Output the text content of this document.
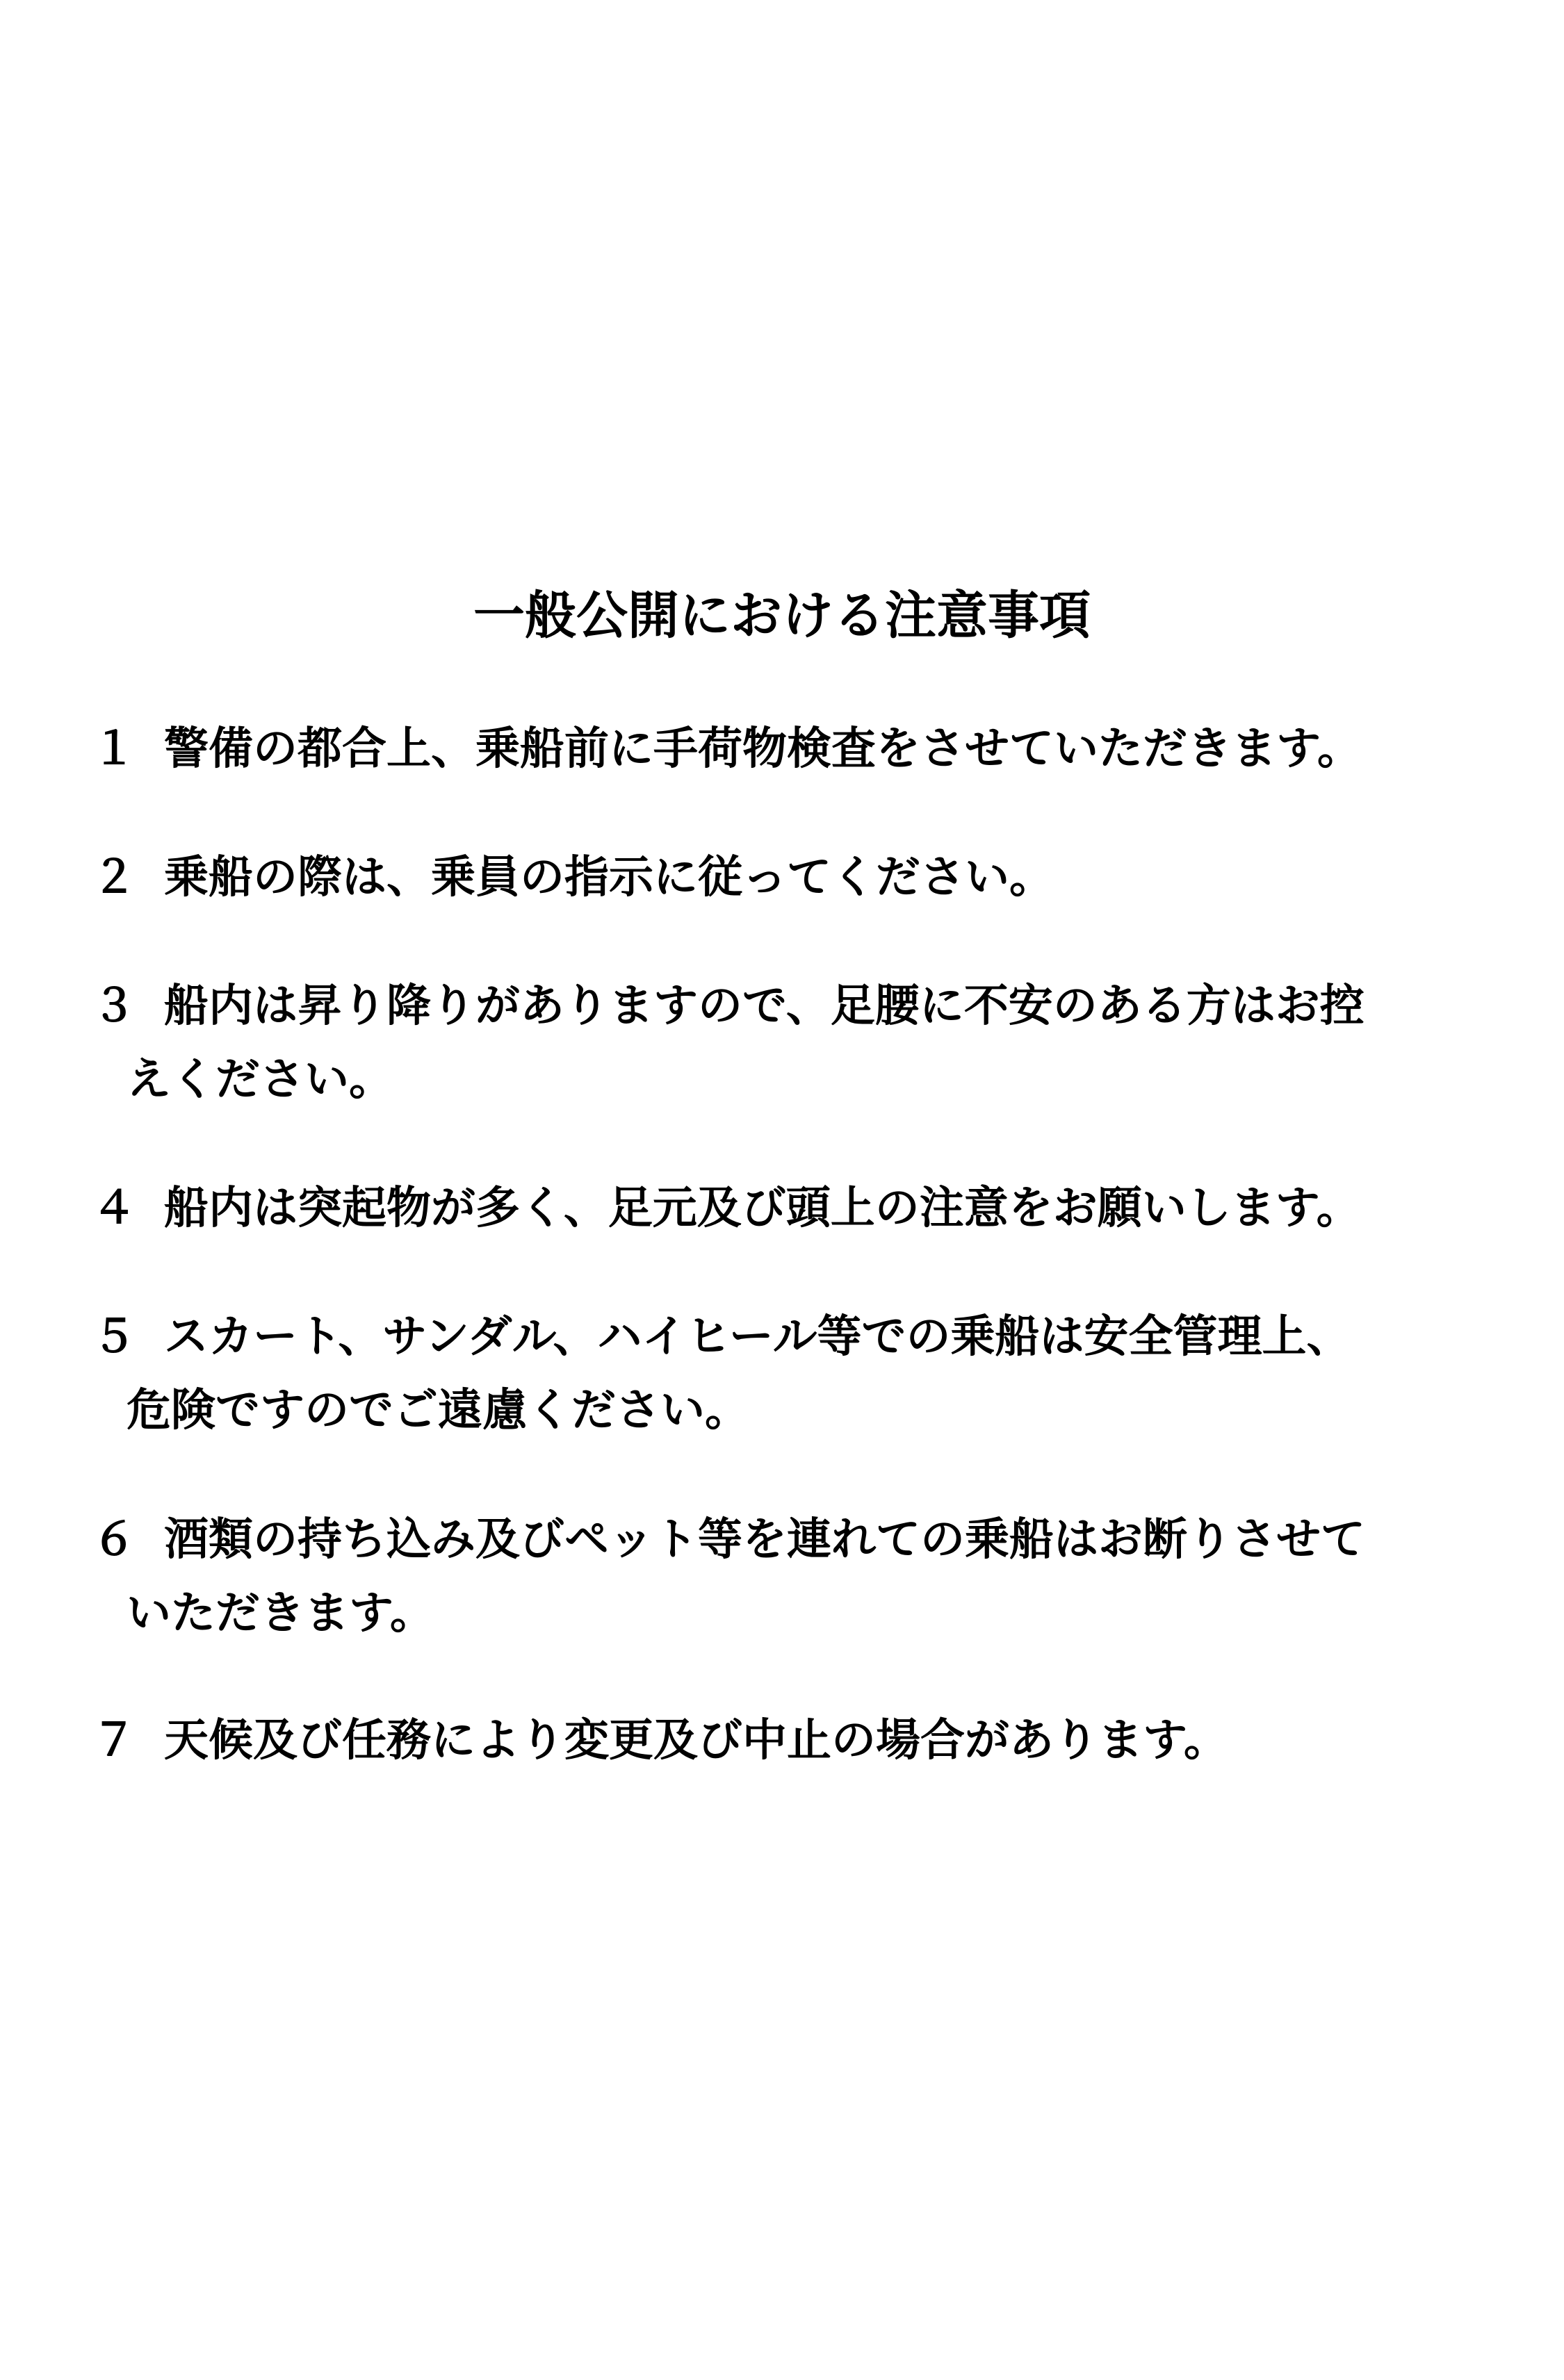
一般公開における注意事項
１ 警備の都合上、乗船前に手荷物検査をさせていただきます。
２ 乗船の際は、乗員の指示に従ってください。
３ 船内は昇り降りがありますので、足腰に不安のある方はお控
えください。
４ 船内は突起物が多く、足元及び頭上の注意をお願いします。
５ スカート、サンダル、ハイヒール等での乗船は安全管理上、
危険ですのでご遠慮ください。
６ 酒類の持ち込み及びペット等を連れての乗船はお断りさせて
いただきます。
７ 天候及び任務により変更及び中止の場合があります。
